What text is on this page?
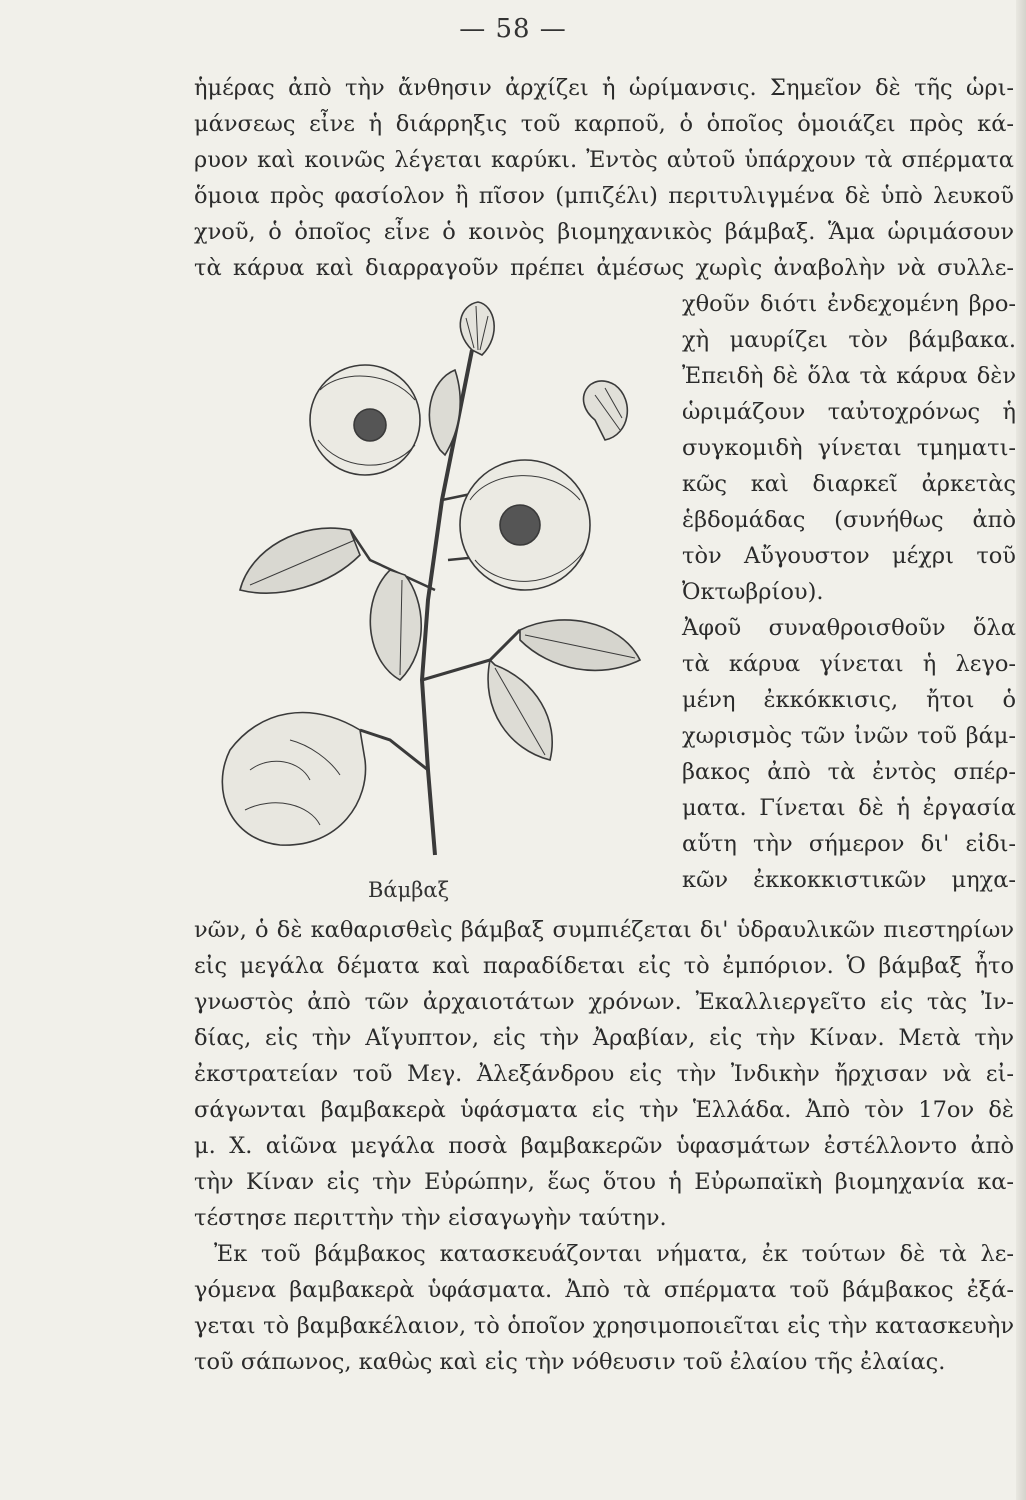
— 58 —
ἡμέρας ἀπὸ τὴν ἄνθησιν ἀρχίζει ἡ ὡρίμανσις. Σημεῖον δὲ τῆς ὡρι-
μάνσεως εἶνε ἡ διάρρηξις τοῦ καρποῦ, ὁ ὁποῖος ὁμοιάζει πρὸς κά-
ρυον καὶ κοινῶς λέγεται καρύκι. Ἐντὸς αὐτοῦ ὑπάρχουν τὰ σπέρματα
ὅμοια πρὸς φασίολον ἢ πῖσον (μπιζέλι) περιτυλιγμένα δὲ ὑπὸ λευκοῦ
χνοῦ, ὁ ὁποῖος εἶνε ὁ κοινὸς βιομηχανικὸς βάμβαξ. Ἅμα ὡριμάσουν
τὰ κάρυα καὶ διαρραγοῦν πρέπει ἀμέσως χωρὶς ἀναβολὴν νὰ συλλε-
χθοῦν διότι ἐνδεχομένη βρο-
χὴ μαυρίζει τὸν βάμβακα.
Ἐπειδὴ δὲ ὅλα τὰ κάρυα δὲν
ὡριμάζουν ταὐτοχρόνως ἡ
συγκομιδὴ γίνεται τμηματι-
κῶς καὶ διαρκεῖ ἀρκετὰς
ἑβδομάδας (συνήθως ἀπὸ
τὸν Αὔγουστον μέχρι τοῦ
Ὀκτωβρίου).
Ἀφοῦ συναθροισθοῦν ὅλα
τὰ κάρυα γίνεται ἡ λεγο-
μένη ἐκκόκκισις, ἤτοι ὁ
χωρισμὸς τῶν ἰνῶν τοῦ βάμ-
βακος ἀπὸ τὰ ἐντὸς σπέρ-
ματα. Γίνεται δὲ ἡ ἐργασία
αὕτη τὴν σήμερον δι' εἰδι-
κῶν ἐκκοκκιστικῶν μηχα-
Βάμβαξ
νῶν, ὁ δὲ καθαρισθεὶς βάμβαξ συμπιέζεται δι' ὑδραυλικῶν πιεστηρίων
εἰς μεγάλα δέματα καὶ παραδίδεται εἰς τὸ ἐμπόριον. Ὁ βάμβαξ ἦτο
γνωστὸς ἀπὸ τῶν ἀρχαιοτάτων χρόνων. Ἐκαλλιεργεῖτο εἰς τὰς Ἰν-
δίας, εἰς τὴν Αἴγυπτον, εἰς τὴν Ἀραβίαν, εἰς τὴν Κίναν. Μετὰ τὴν
ἐκστρατείαν τοῦ Μεγ. Ἀλεξάνδρου εἰς τὴν Ἰνδικὴν ἤρχισαν νὰ εἰ-
σάγωνται βαμβακερὰ ὑφάσματα εἰς τὴν Ἑλλάδα. Ἀπὸ τὸν 17ον δὲ
μ. Χ. αἰῶνα μεγάλα ποσὰ βαμβακερῶν ὑφασμάτων ἐστέλλοντο ἀπὸ
τὴν Κίναν εἰς τὴν Εὐρώπην, ἕως ὅτου ἡ Εὐρωπαϊκὴ βιομηχανία κα-
τέστησε περιττὴν τὴν εἰσαγωγὴν ταύτην.
Ἐκ τοῦ βάμβακος κατασκευάζονται νήματα, ἐκ τούτων δὲ τὰ λε-
γόμενα βαμβακερὰ ὑφάσματα. Ἀπὸ τὰ σπέρματα τοῦ βάμβακος ἐξά-
γεται τὸ βαμβακέλαιον, τὸ ὁποῖον χρησιμοποιεῖται εἰς τὴν κατασκευὴν
τοῦ σάπωνος, καθὼς καὶ εἰς τὴν νόθευσιν τοῦ ἐλαίου τῆς ἐλαίας.
